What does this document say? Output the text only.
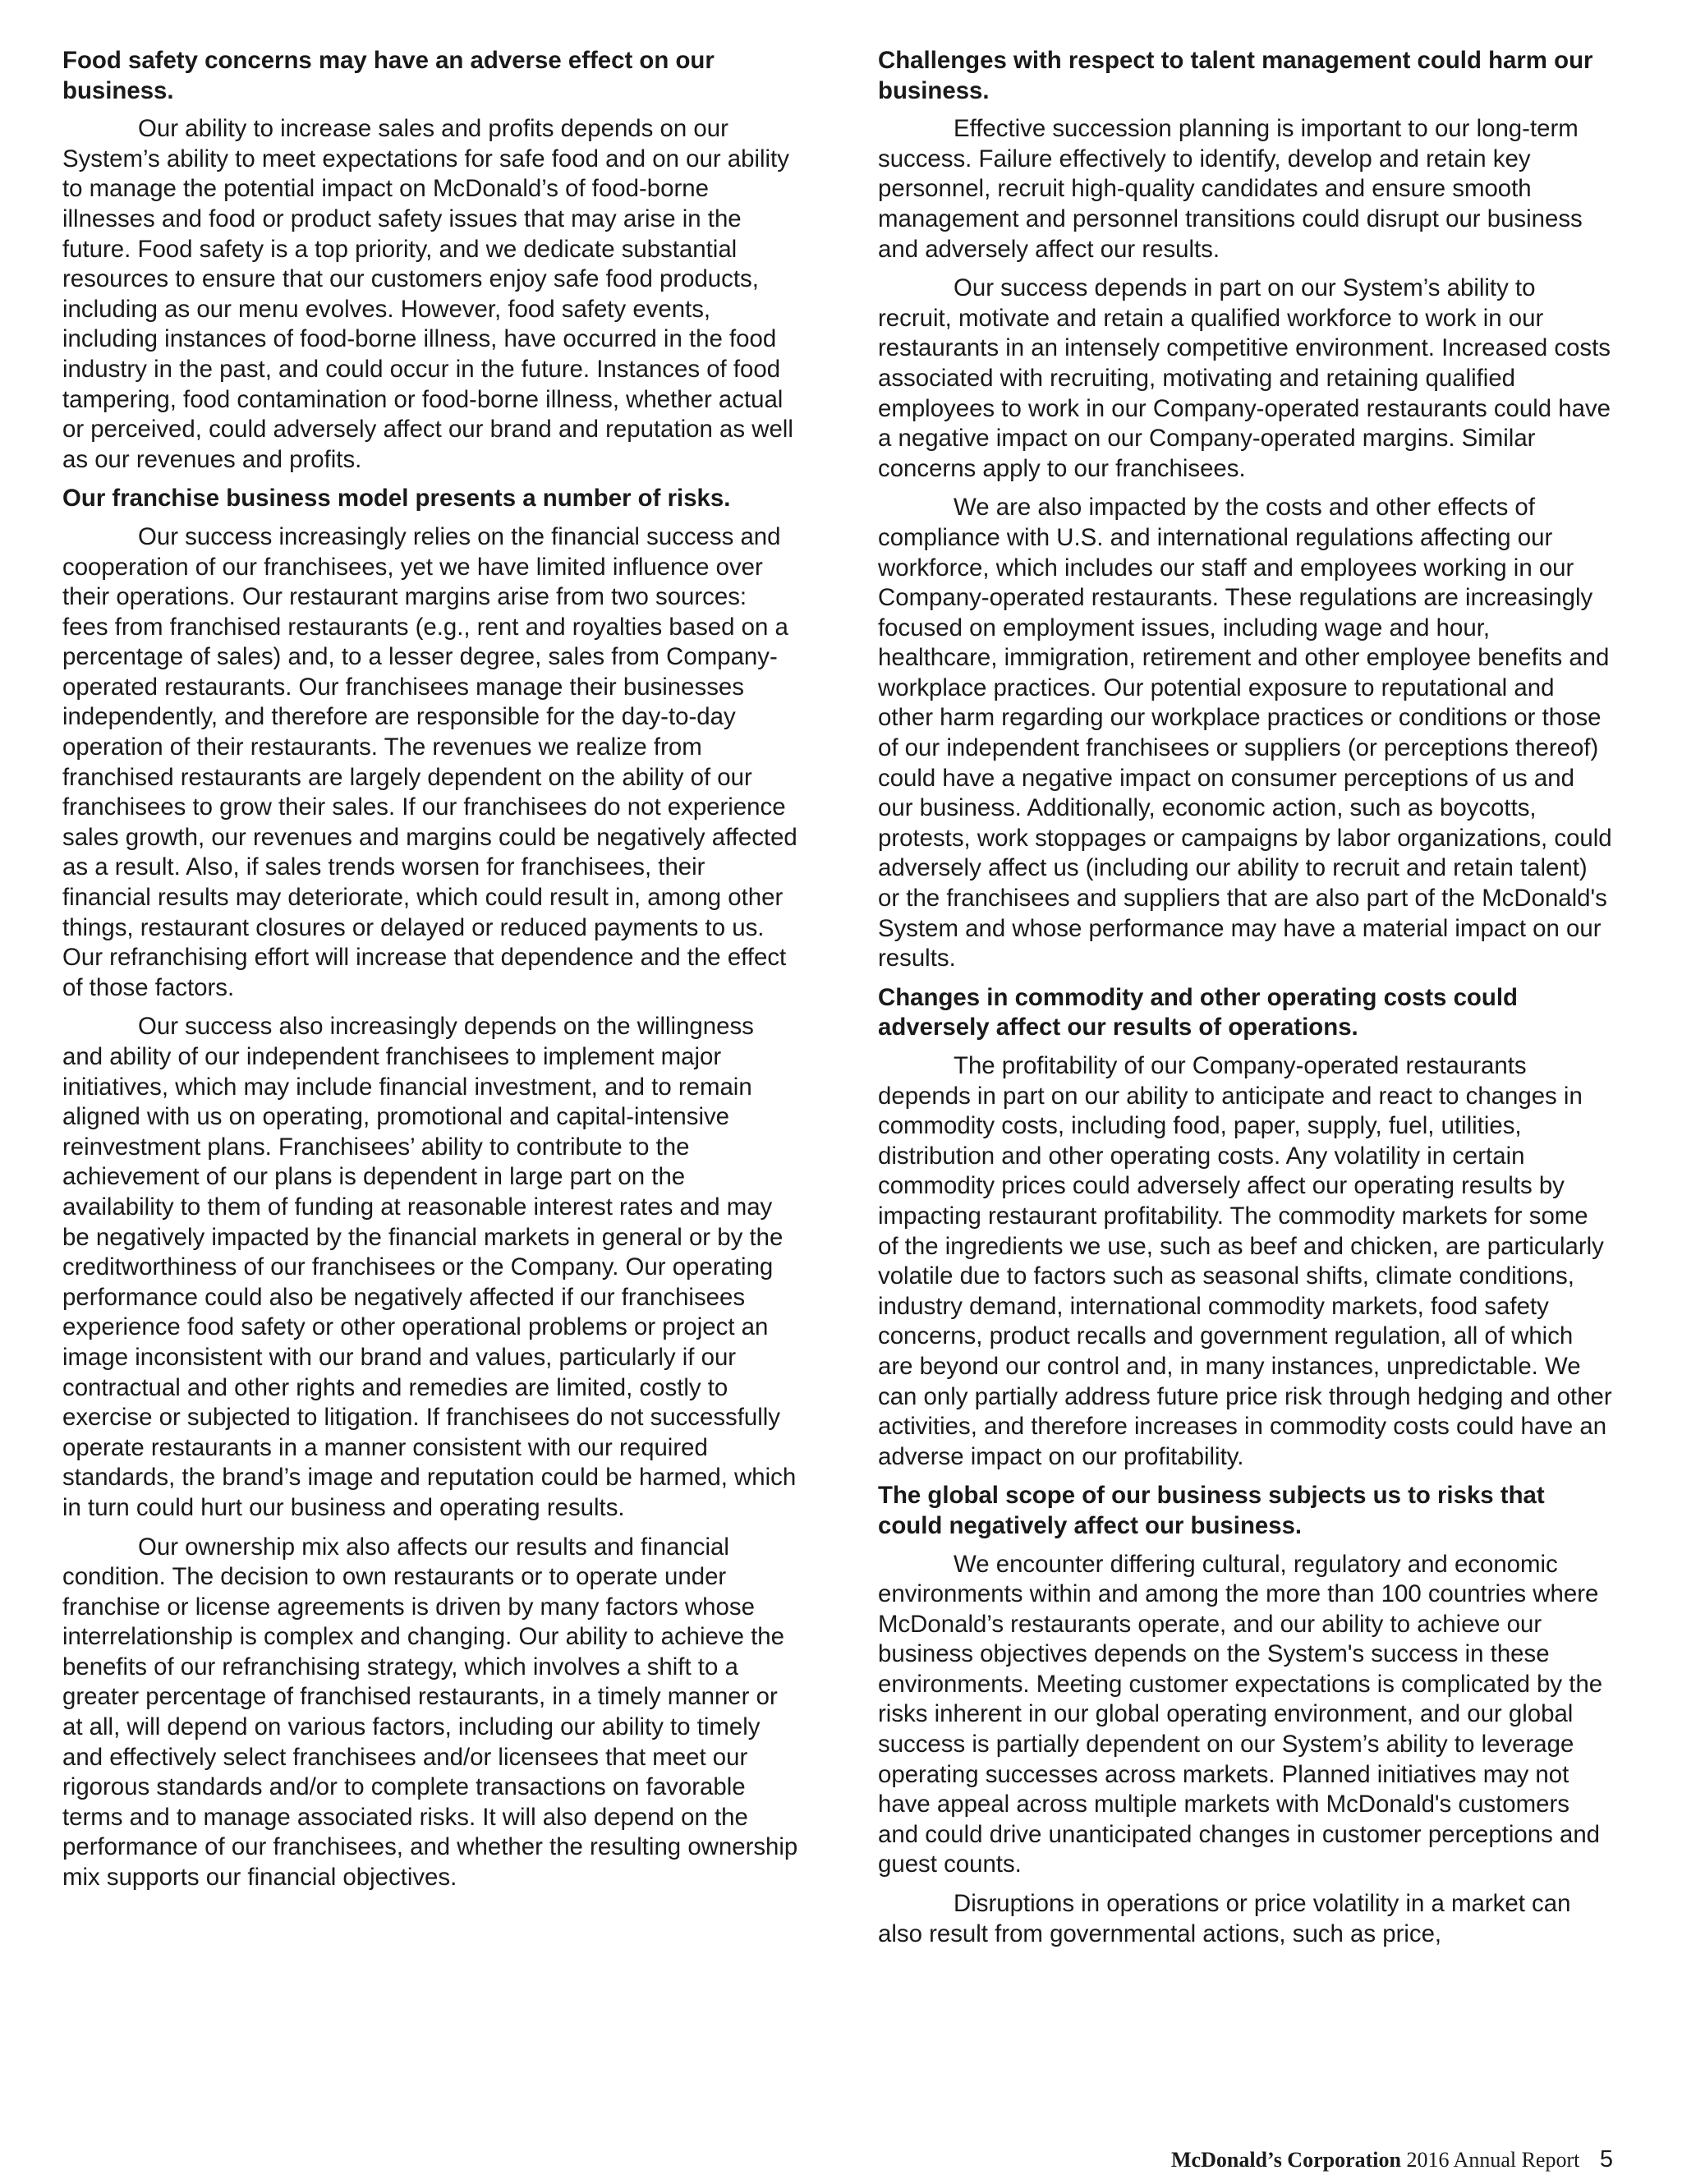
Food safety concerns may have an adverse effect on our business.

Our ability to increase sales and profits depends on our System’s ability to meet expectations for safe food and on our ability to manage the potential impact on McDonald’s of food-borne illnesses and food or product safety issues that may arise in the future. Food safety is a top priority, and we dedicate substantial resources to ensure that our customers enjoy safe food products, including as our menu evolves. However, food safety events, including instances of food-borne illness, have occurred in the food industry in the past, and could occur in the future. Instances of food tampering, food contamination or food-borne illness, whether actual or perceived, could adversely affect our brand and reputation as well as our revenues and profits.

Our franchise business model presents a number of risks.

Our success increasingly relies on the financial success and cooperation of our franchisees, yet we have limited influence over their operations. Our restaurant margins arise from two sources: fees from franchised restaurants (e.g., rent and royalties based on a percentage of sales) and, to a lesser degree, sales from Company-operated restaurants. Our franchisees manage their businesses independently, and therefore are responsible for the day-to-day operation of their restaurants. The revenues we realize from franchised restaurants are largely dependent on the ability of our franchisees to grow their sales. If our franchisees do not experience sales growth, our revenues and margins could be negatively affected as a result. Also, if sales trends worsen for franchisees, their financial results may deteriorate, which could result in, among other things, restaurant closures or delayed or reduced payments to us. Our refranchising effort will increase that dependence and the effect of those factors.

Our success also increasingly depends on the willingness and ability of our independent franchisees to implement major initiatives, which may include financial investment, and to remain aligned with us on operating, promotional and capital-intensive reinvestment plans. Franchisees’ ability to contribute to the achievement of our plans is dependent in large part on the availability to them of funding at reasonable interest rates and may be negatively impacted by the financial markets in general or by the creditworthiness of our franchisees or the Company. Our operating performance could also be negatively affected if our franchisees experience food safety or other operational problems or project an image inconsistent with our brand and values, particularly if our contractual and other rights and remedies are limited, costly to exercise or subjected to litigation. If franchisees do not successfully operate restaurants in a manner consistent with our required standards, the brand’s image and reputation could be harmed, which in turn could hurt our business and operating results.

Our ownership mix also affects our results and financial condition. The decision to own restaurants or to operate under franchise or license agreements is driven by many factors whose interrelationship is complex and changing. Our ability to achieve the benefits of our refranchising strategy, which involves a shift to a greater percentage of franchised restaurants, in a timely manner or at all, will depend on various factors, including our ability to timely and effectively select franchisees and/or licensees that meet our rigorous standards and/or to complete transactions on favorable terms and to manage associated risks. It will also depend on the performance of our franchisees, and whether the resulting ownership mix supports our financial objectives.

Challenges with respect to talent management could harm our business.

Effective succession planning is important to our long-term success. Failure effectively to identify, develop and retain key personnel, recruit high-quality candidates and ensure smooth management and personnel transitions could disrupt our business and adversely affect our results.

Our success depends in part on our System’s ability to recruit, motivate and retain a qualified workforce to work in our restaurants in an intensely competitive environment. Increased costs associated with recruiting, motivating and retaining qualified employees to work in our Company-operated restaurants could have a negative impact on our Company-operated margins. Similar concerns apply to our franchisees.

We are also impacted by the costs and other effects of compliance with U.S. and international regulations affecting our workforce, which includes our staff and employees working in our Company-operated restaurants. These regulations are increasingly focused on employment issues, including wage and hour, healthcare, immigration, retirement and other employee benefits and workplace practices. Our potential exposure to reputational and other harm regarding our workplace practices or conditions or those of our independent franchisees or suppliers (or perceptions thereof) could have a negative impact on consumer perceptions of us and our business. Additionally, economic action, such as boycotts, protests, work stoppages or campaigns by labor organizations, could adversely affect us (including our ability to recruit and retain talent) or the franchisees and suppliers that are also part of the McDonald's System and whose performance may have a material impact on our results.

Changes in commodity and other operating costs could adversely affect our results of operations.

The profitability of our Company-operated restaurants depends in part on our ability to anticipate and react to changes in commodity costs, including food, paper, supply, fuel, utilities, distribution and other operating costs. Any volatility in certain commodity prices could adversely affect our operating results by impacting restaurant profitability. The commodity markets for some of the ingredients we use, such as beef and chicken, are particularly volatile due to factors such as seasonal shifts, climate conditions, industry demand, international commodity markets, food safety concerns, product recalls and government regulation, all of which are beyond our control and, in many instances, unpredictable. We can only partially address future price risk through hedging and other activities, and therefore increases in commodity costs could have an adverse impact on our profitability.

The global scope of our business subjects us to risks that could negatively affect our business.

We encounter differing cultural, regulatory and economic environments within and among the more than 100 countries where McDonald’s restaurants operate, and our ability to achieve our business objectives depends on the System's success in these environments. Meeting customer expectations is complicated by the risks inherent in our global operating environment, and our global success is partially dependent on our System’s ability to leverage operating successes across markets. Planned initiatives may not have appeal across multiple markets with McDonald's customers and could drive unanticipated changes in customer perceptions and guest counts.

Disruptions in operations or price volatility in a market can also result from governmental actions, such as price,

McDonald’s Corporation 2016 Annual Report 5
